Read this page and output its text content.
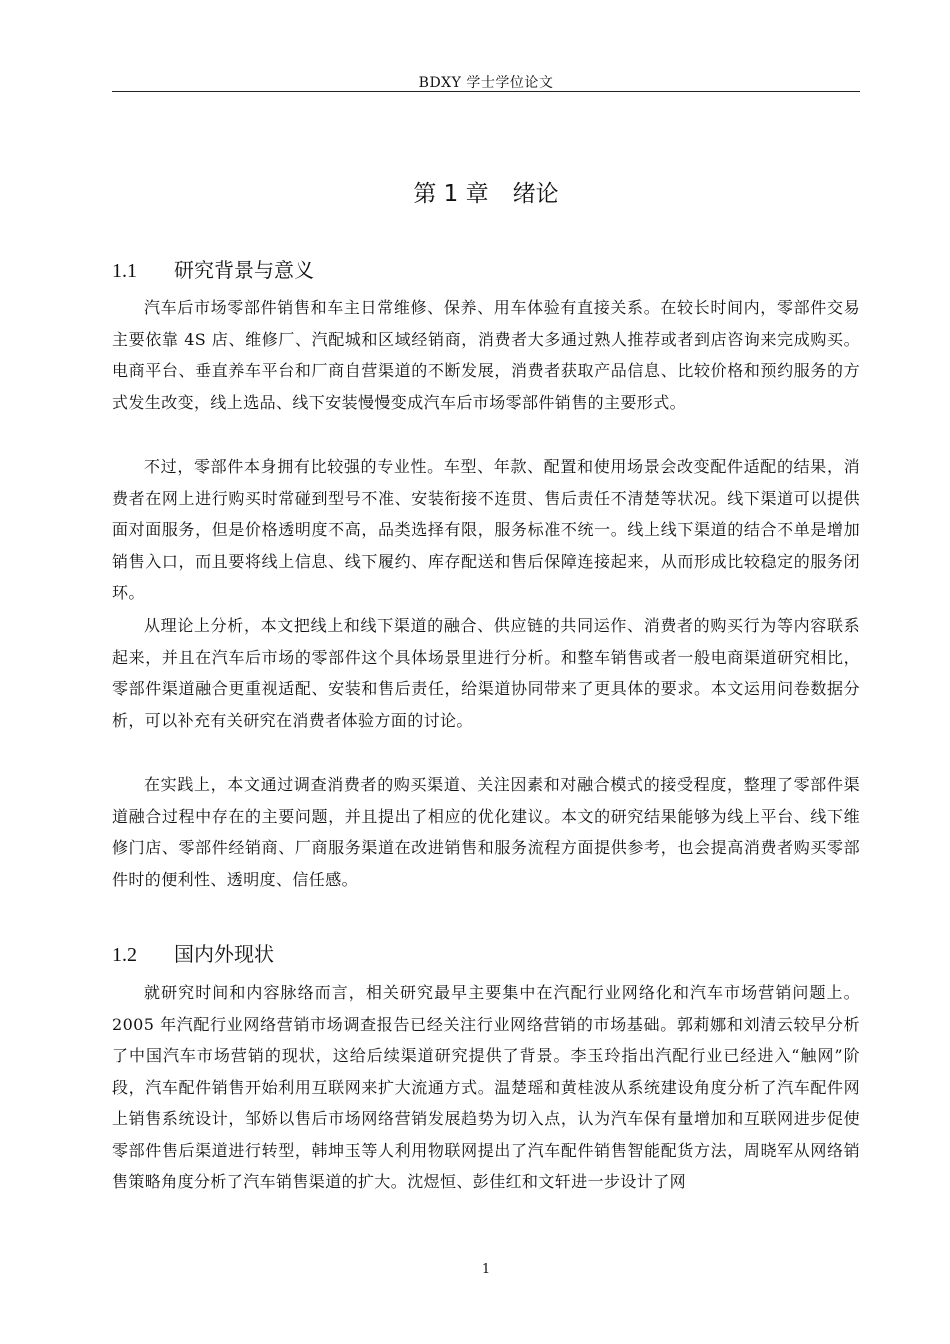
BDXY 学士学位论文
第 1 章 绪论
1.1 研究背景与意义

汽车后市场零部件销售和车主日常维修、保养、用车体验有直接关系。在较长时间内，零部件交易主要依靠 4S 店、维修厂、汽配城和区域经销商，消费者大多通过熟人推荐或者到店咨询来完成购买。电商平台、垂直养车平台和厂商自营渠道的不断发展，消费者获取产品信息、比较价格和预约服务的方式发生改变，线上选品、线下安装慢慢变成汽车后市场零部件销售的主要形式。

不过，零部件本身拥有比较强的专业性。车型、年款、配置和使用场景会改变配件适配的结果，消费者在网上进行购买时常碰到型号不准、安装衔接不连贯、售后责任不清楚等状况。线下渠道可以提供面对面服务，但是价格透明度不高，品类选择有限，服务标准不统一。线上线下渠道的结合不单是增加销售入口，而且要将线上信息、线下履约、库存配送和售后保障连接起来，从而形成比较稳定的服务闭环。

从理论上分析，本文把线上和线下渠道的融合、供应链的共同运作、消费者的购买行为等内容联系起来，并且在汽车后市场的零部件这个具体场景里进行分析。和整车销售或者一般电商渠道研究相比，零部件渠道融合更重视适配、安装和售后责任，给渠道协同带来了更具体的要求。本文运用问卷数据分析，可以补充有关研究在消费者体验方面的讨论。

在实践上，本文通过调查消费者的购买渠道、关注因素和对融合模式的接受程度，整理了零部件渠道融合过程中存在的主要问题，并且提出了相应的优化建议。本文的研究结果能够为线上平台、线下维修门店、零部件经销商、厂商服务渠道在改进销售和服务流程方面提供参考，也会提高消费者购买零部件时的便利性、透明度、信任感。

1.2 国内外现状

就研究时间和内容脉络而言，相关研究最早主要集中在汽配行业网络化和汽车市场营销问题上。2005 年汽配行业网络营销市场调查报告已经关注行业网络营销的市场基础。郭莉娜和刘清云较早分析了中国汽车市场营销的现状，这给后续渠道研究提供了背景。李玉玲指出汽配行业已经进入“触网”阶段，汽车配件销售开始利用互联网来扩大流通方式。温楚瑶和黄桂波从系统建设角度分析了汽车配件网上销售系统设计，邹娇以售后市场网络营销发展趋势为切入点，认为汽车保有量增加和互联网进步促使零部件售后渠道进行转型，韩坤玉等人利用物联网提出了汽车配件销售智能配货方法，周晓军从网络销售策略角度分析了汽车销售渠道的扩大。沈煜恒、彭佳红和文轩进一步设计了网

1
